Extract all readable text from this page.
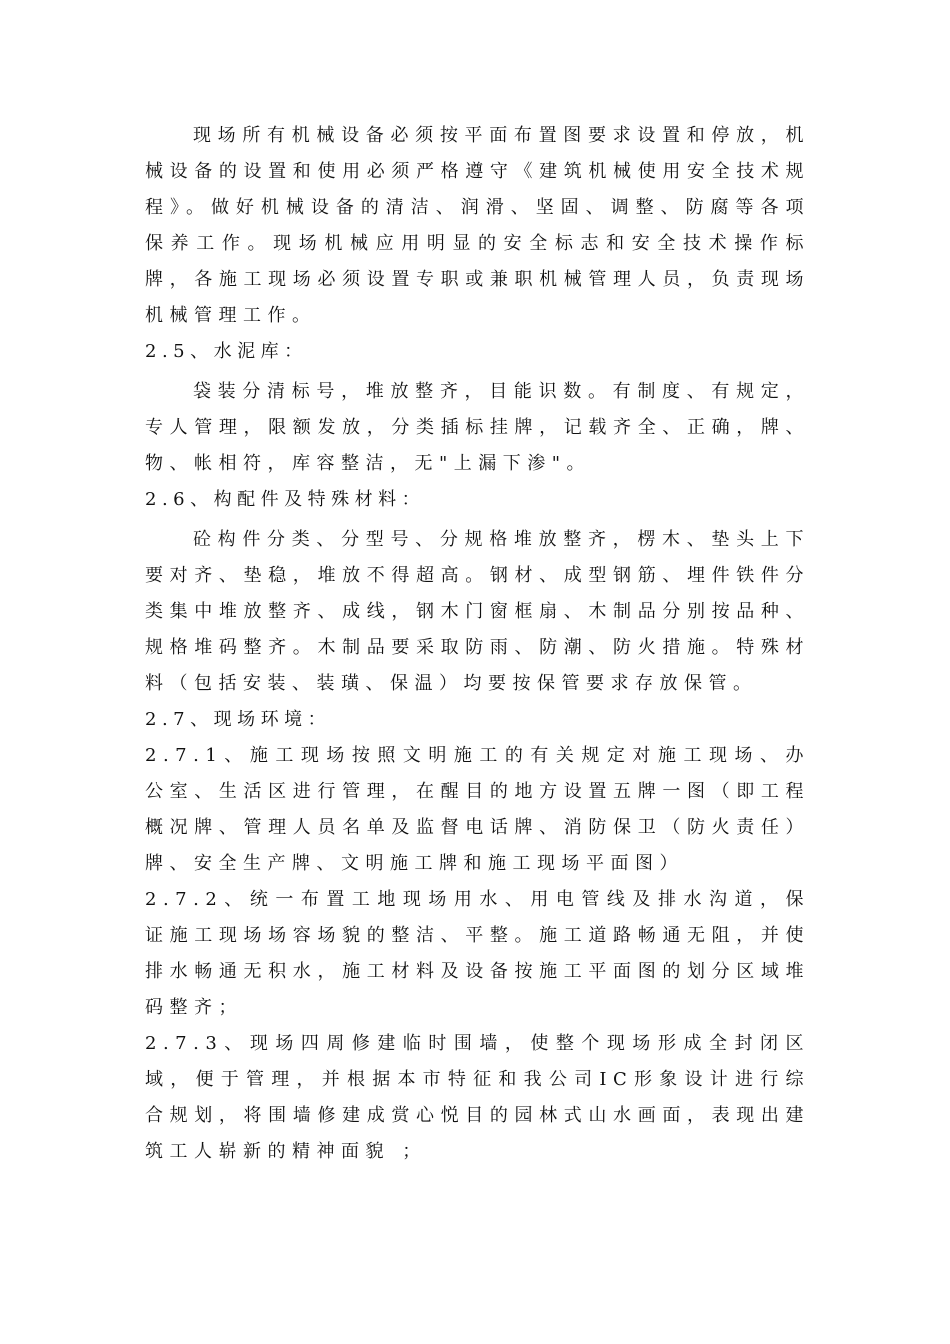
现场所有机械设备必须按平面布置图要求设置和停放，机械设备的设置和使用必须严格遵守《建筑机械使用安全技术规程》。做好机械设备的清洁、润滑、坚固、调整、防腐等各项保养工作。现场机械应用明显的安全标志和安全技术操作标牌，各施工现场必须设置专职或兼职机械管理人员，负责现场机械管理工作。

2.5、水泥库：

袋装分清标号，堆放整齐，目能识数。有制度、有规定，专人管理，限额发放，分类插标挂牌，记载齐全、正确，牌、物、帐相符，库容整洁，无"上漏下渗"。

2.6、构配件及特殊材料：

砼构件分类、分型号、分规格堆放整齐，楞木、垫头上下要对齐、垫稳，堆放不得超高。钢材、成型钢筋、埋件铁件分类集中堆放整齐、成线，钢木门窗框扇、木制品分别按品种、规格堆码整齐。木制品要采取防雨、防潮、防火措施。特殊材料（包括安装、装璜、保温）均要按保管要求存放保管。

2.7、现场环境：

2.7.1、施工现场按照文明施工的有关规定对施工现场、办公室、生活区进行管理，在醒目的地方设置五牌一图（即工程概况牌、管理人员名单及监督电话牌、消防保卫（防火责任）牌、安全生产牌、文明施工牌和施工现场平面图）

2.7.2、统一布置工地现场用水、用电管线及排水沟道，保证施工现场场容场貌的整洁、平整。施工道路畅通无阻，并使排水畅通无积水，施工材料及设备按施工平面图的划分区域堆码整齐；

2.7.3、现场四周修建临时围墙，使整个现场形成全封闭区域，便于管理，并根据本市特征和我公司IC形象设计进行综合规划，将围墙修建成赏心悦目的园林式山水画面，表现出建筑工人崭新的精神面貌 ；
